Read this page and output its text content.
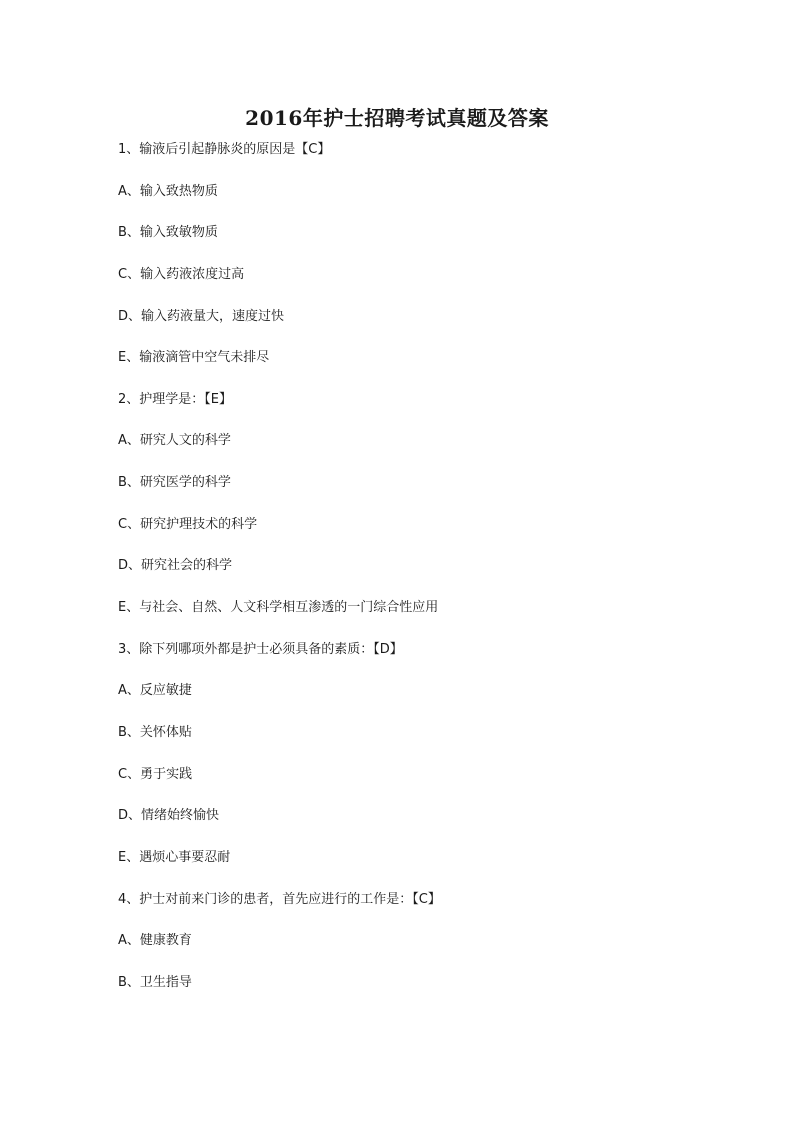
2016年护士招聘考试真题及答案
1、输液后引起静脉炎的原因是【C】
A、输入致热物质
B、输入致敏物质
C、输入药液浓度过高
D、输入药液量大，速度过快
E、输液滴管中空气未排尽
2、护理学是：【E】
A、研究人文的科学
B、研究医学的科学
C、研究护理技术的科学
D、研究社会的科学
E、与社会、自然、人文科学相互渗透的一门综合性应用
3、除下列哪项外都是护士必须具备的素质：【D】
A、反应敏捷
B、关怀体贴
C、勇于实践
D、情绪始终愉快
E、遇烦心事要忍耐
4、护士对前来门诊的患者，首先应进行的工作是：【C】
A、健康教育
B、卫生指导
